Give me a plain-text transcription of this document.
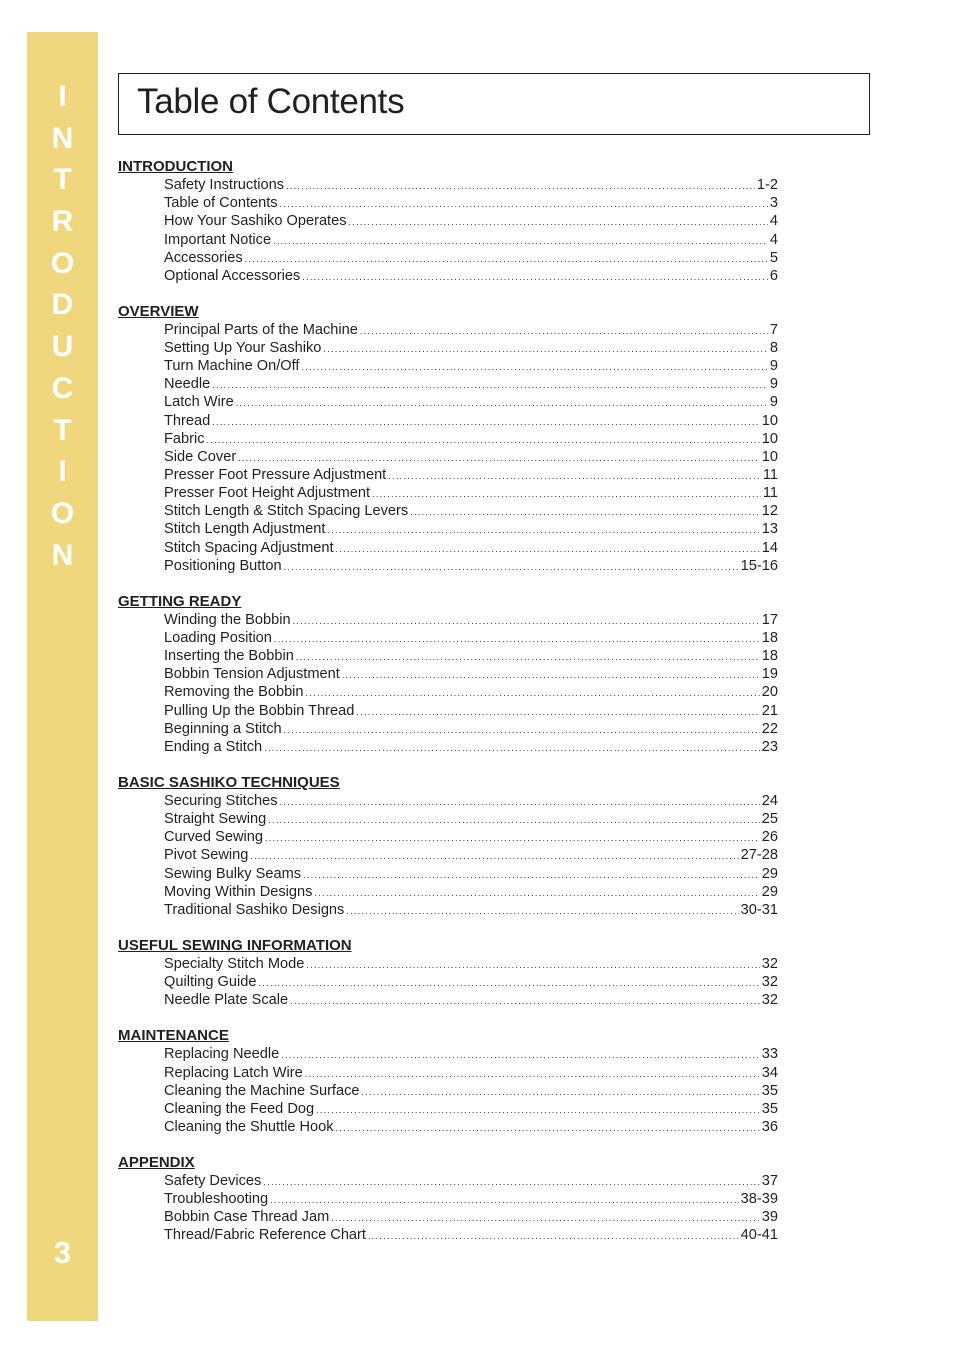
I
N
T
R
O
D
U
C
T
I
O
N
3
Table of Contents
INTRODUCTION
Safety Instructions . . .	1-2
Table of Contents . . .	3
How Your Sashiko Operates . . .	4
Important Notice . . .	4
Accessories . . .	5
Optional Accessories . . .	6
OVERVIEW
Principal Parts of the Machine . . .	7
Setting Up Your Sashiko . . .	8
Turn Machine On/Off . . .	9
Needle . . .	9
Latch Wire . . .	9
Thread . . .	10
Fabric . . .	10
Side Cover . . .	10
Presser Foot Pressure Adjustment . . .	11
Presser Foot Height Adjustment . . .	11
Stitch Length & Stitch Spacing Levers . . .	12
Stitch Length Adjustment . . .	13
Stitch Spacing Adjustment . . .	14
Positioning Button . . .	15-16
GETTING READY
Winding the Bobbin . . .	17
Loading Position . . .	18
Inserting the Bobbin . . .	18
Bobbin Tension Adjustment . . .	19
Removing the Bobbin . . .	20
Pulling Up the Bobbin Thread . . .	21
Beginning a Stitch . . .	22
Ending a Stitch . . .	23
BASIC SASHIKO TECHNIQUES
Securing Stitches . . .	24
Straight Sewing . . .	25
Curved Sewing . . .	26
Pivot Sewing . . .	27-28
Sewing Bulky Seams . . .	29
Moving Within Designs . . .	29
Traditional Sashiko Designs . . .	30-31
USEFUL SEWING INFORMATION
Specialty Stitch Mode . . .	32
Quilting Guide . . .	32
Needle Plate Scale . . .	32
MAINTENANCE
Replacing Needle . . .	33
Replacing Latch Wire . . .	34
Cleaning the Machine Surface . . .	35
Cleaning the Feed Dog . . .	35
Cleaning the Shuttle Hook . . .	36
APPENDIX
Safety Devices . . .	37
Troubleshooting . . .	38-39
Bobbin Case Thread Jam . . .	39
Thread/Fabric Reference Chart . . .	40-41
